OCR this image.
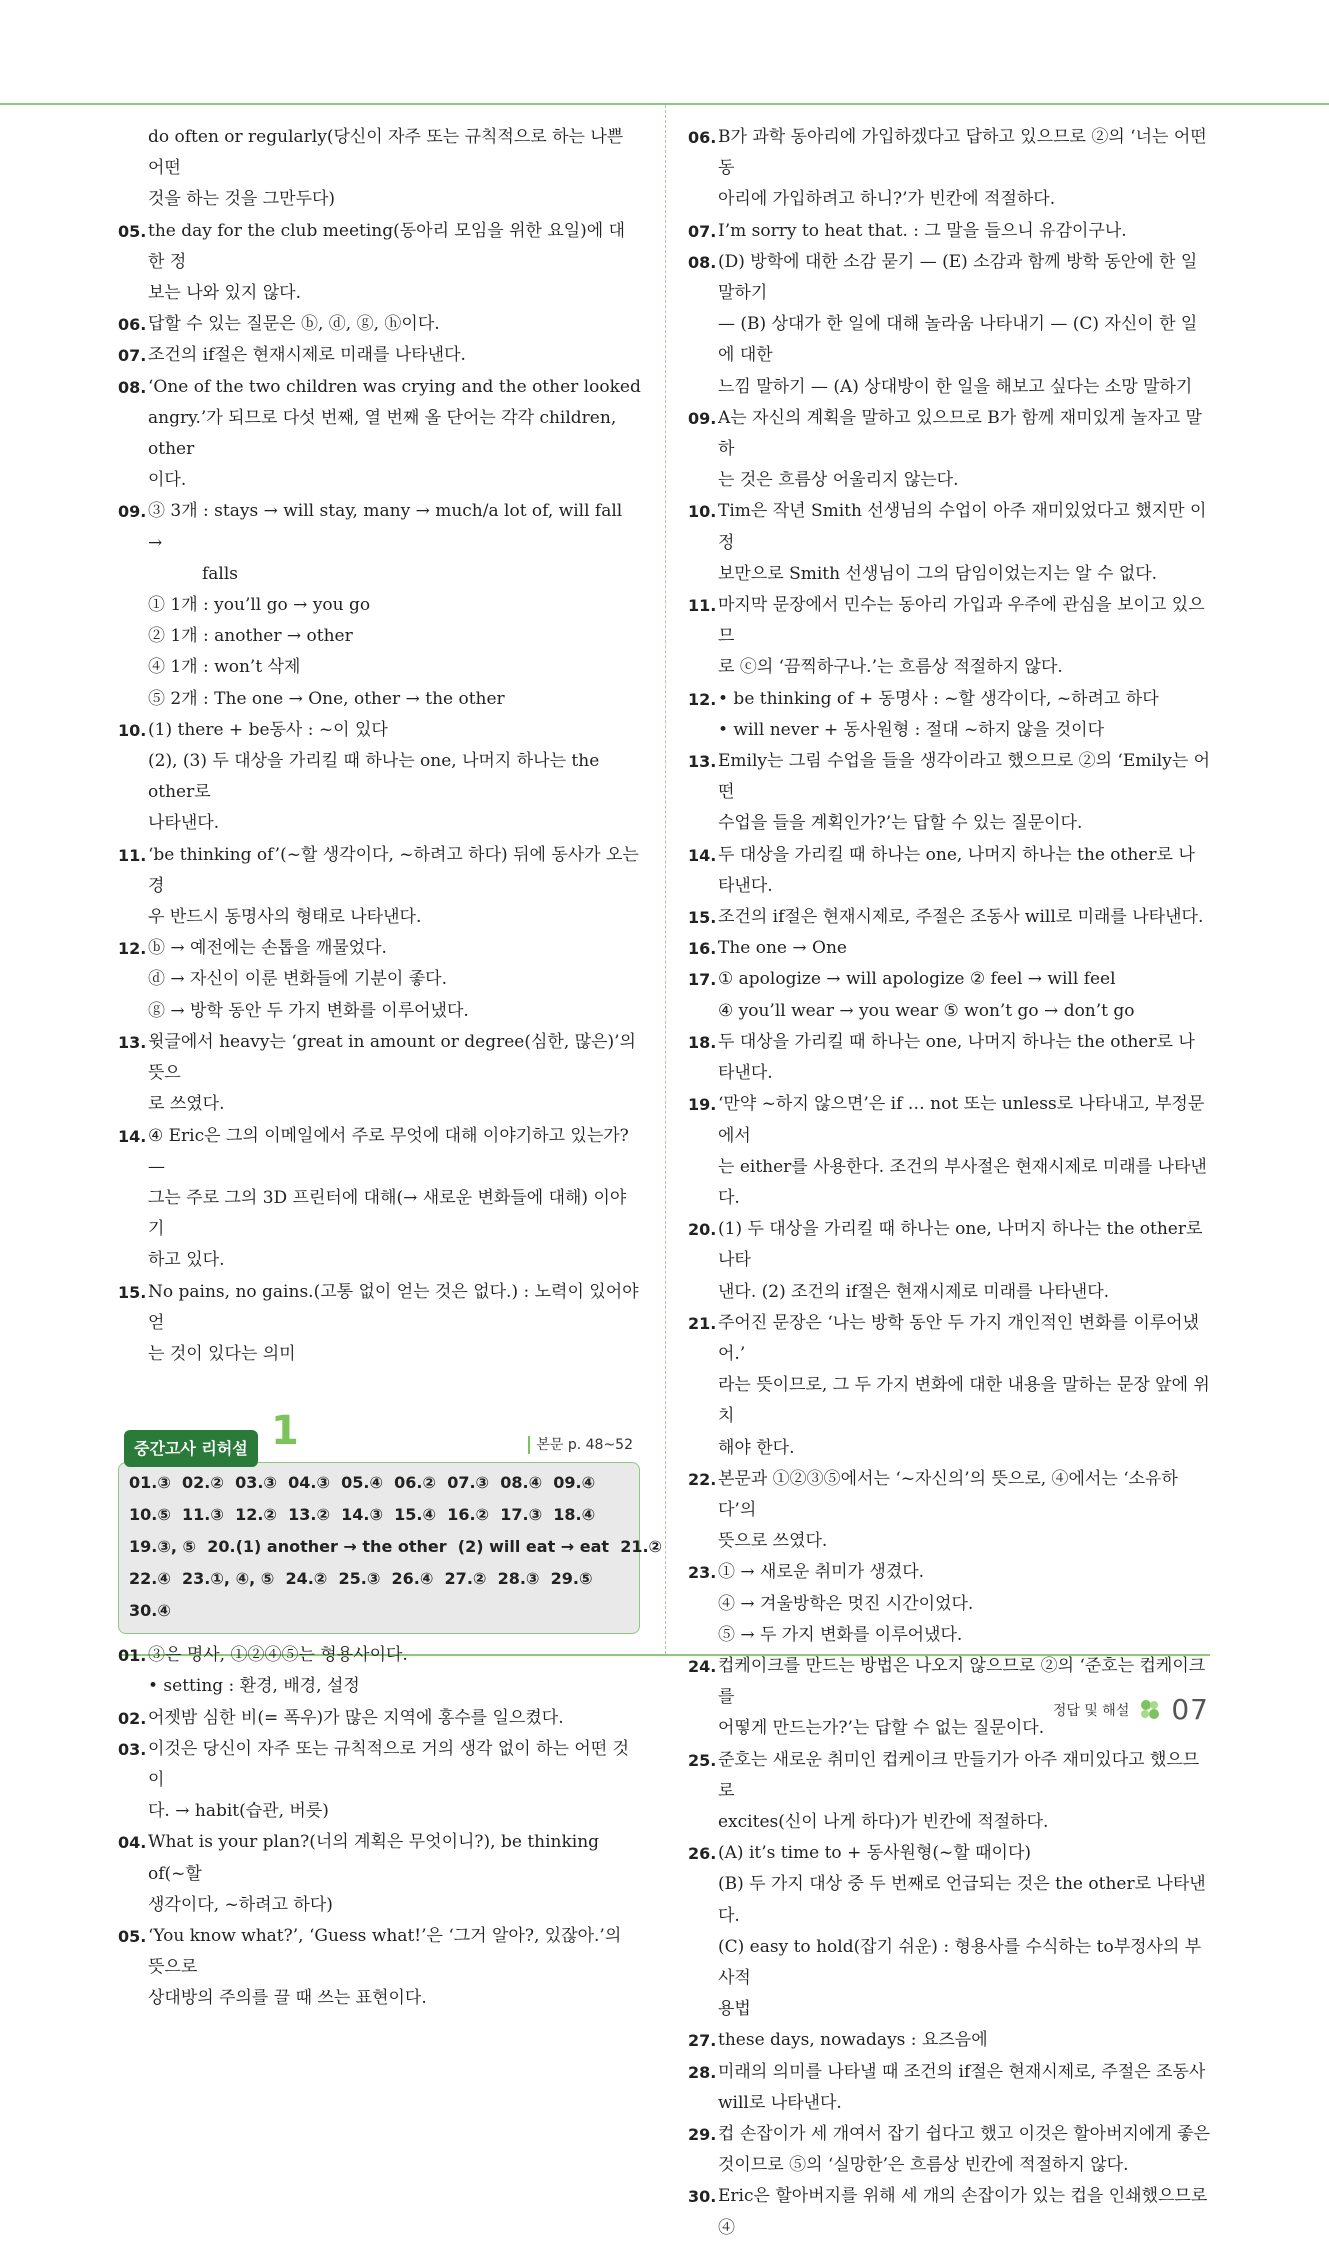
do often or regularly(당신이 자주 또는 규칙적으로 하는 나쁜 어떤

것을 하는 것을 그만두다)

05. the day for the club meeting(동아리 모임을 위한 요일)에 대한 정

보는 나와 있지 않다.

06. 답할 수 있는 질문은 ⓑ, ⓓ, ⓖ, ⓗ이다.

07. 조건의 if절은 현재시제로 미래를 나타낸다.

08. ‘One of the two children was crying and the other looked

angry.’가 되므로 다섯 번째, 열 번째 올 단어는 각각 children, other

이다.

09. ③ 3개 : stays → will stay, many → much/a lot of, will fall →

falls

① 1개 : you’ll go → you go

② 1개 : another → other

④ 1개 : won’t 삭제

⑤ 2개 : The one → One, other → the other

10. (1) there + be동사 : ~이 있다

(2), (3) 두 대상을 가리킬 때 하나는 one, 나머지 하나는 the other로

나타낸다.

11. ‘be thinking of’(~할 생각이다, ~하려고 하다) 뒤에 동사가 오는 경

우 반드시 동명사의 형태로 나타낸다.

12. ⓑ → 예전에는 손톱을 깨물었다.

ⓓ → 자신이 이룬 변화들에 기분이 좋다.

ⓖ → 방학 동안 두 가지 변화를 이루어냈다.

13. 윗글에서 heavy는 ‘great in amount or degree(심한, 많은)’의 뜻으

로 쓰였다.

14. ④ Eric은 그의 이메일에서 주로 무엇에 대해 이야기하고 있는가?—

그는 주로 그의 3D 프린터에 대해(→ 새로운 변화들에 대해) 이야기

하고 있다.

15. No pains, no gains.(고통 없이 얻는 것은 없다.) : 노력이 있어야 얻

는 것이 있다는 의미

중간고사 리허설 1	본문 p. 48~52
01.③  02.②  03.③  04.③  05.④  06.②  07.③  08.④  09.④
10.⑤  11.③  12.②  13.②  14.③  15.④  16.②  17.③  18.④
19.③, ⑤  20.(1) another → the other  (2) will eat → eat  21.②
22.④  23.①, ④, ⑤  24.②  25.③  26.④  27.②  28.③  29.⑤
30.④
01. ③은 명사, ①②④⑤는 형용사이다.

• setting : 환경, 배경, 설정

02. 어젯밤 심한 비(= 폭우)가 많은 지역에 홍수를 일으켰다.

03. 이것은 당신이 자주 또는 규칙적으로 거의 생각 없이 하는 어떤 것이

다. → habit(습관, 버릇)

04. What is your plan?(너의 계획은 무엇이니?), be thinking of(~할

생각이다, ~하려고 하다)

05. ‘You know what?’, ‘Guess what!’은 ‘그거 알아?, 있잖아.’의 뜻으로

상대방의 주의를 끌 때 쓰는 표현이다.

06. B가 과학 동아리에 가입하겠다고 답하고 있으므로 ②의 ‘너는 어떤 동

아리에 가입하려고 하니?’가 빈칸에 적절하다.

07. I’m sorry to heat that. : 그 말을 들으니 유감이구나.

08. (D) 방학에 대한 소감 묻기 — (E) 소감과 함께 방학 동안에 한 일 말하기

— (B) 상대가 한 일에 대해 놀라움 나타내기 — (C) 자신이 한 일에 대한

느낌 말하기 — (A) 상대방이 한 일을 해보고 싶다는 소망 말하기

09. A는 자신의 계획을 말하고 있으므로 B가 함께 재미있게 놀자고 말하

는 것은 흐름상 어울리지 않는다.

10. Tim은 작년 Smith 선생님의 수업이 아주 재미있었다고 했지만 이 정

보만으로 Smith 선생님이 그의 담임이었는지는 알 수 없다.

11. 마지막 문장에서 민수는 동아리 가입과 우주에 관심을 보이고 있으므

로 ⓒ의 ‘끔찍하구나.’는 흐름상 적절하지 않다.

12. • be thinking of + 동명사 : ~할 생각이다, ~하려고 하다

• will never + 동사원형 : 절대 ~하지 않을 것이다

13. Emily는 그림 수업을 들을 생각이라고 했으므로 ②의 ‘Emily는 어떤

수업을 들을 계획인가?’는 답할 수 있는 질문이다.

14. 두 대상을 가리킬 때 하나는 one, 나머지 하나는 the other로 나타낸다.

15. 조건의 if절은 현재시제로, 주절은 조동사 will로 미래를 나타낸다.

16. The one → One

17. ① apologize → will apologize ② feel → will feel

④ you’ll wear → you wear ⑤ won’t go → don’t go

18. 두 대상을 가리킬 때 하나는 one, 나머지 하나는 the other로 나타낸다.

19. ‘만약 ~하지 않으면’은 if … not 또는 unless로 나타내고, 부정문에서

는 either를 사용한다. 조건의 부사절은 현재시제로 미래를 나타낸다.

20. (1) 두 대상을 가리킬 때 하나는 one, 나머지 하나는 the other로 나타

낸다. (2) 조건의 if절은 현재시제로 미래를 나타낸다.

21. 주어진 문장은 ‘나는 방학 동안 두 가지 개인적인 변화를 이루어냈어.’

라는 뜻이므로, 그 두 가지 변화에 대한 내용을 말하는 문장 앞에 위치

해야 한다.

22. 본문과 ①②③⑤에서는 ‘~자신의’의 뜻으로, ④에서는 ‘소유하다’의

뜻으로 쓰였다.

23. ① → 새로운 취미가 생겼다.

④ → 겨울방학은 멋진 시간이었다.

⑤ → 두 가지 변화를 이루어냈다.

24. 컵케이크를 만드는 방법은 나오지 않으므로 ②의 ‘준호는 컵케이크를

어떻게 만드는가?’는 답할 수 없는 질문이다.

25. 준호는 새로운 취미인 컵케이크 만들기가 아주 재미있다고 했으므로

excites(신이 나게 하다)가 빈칸에 적절하다.

26. (A) it’s time to + 동사원형(~할 때이다)

(B) 두 가지 대상 중 두 번째로 언급되는 것은 the other로 나타낸다.

(C) easy to hold(잡기 쉬운) : 형용사를 수식하는 to부정사의 부사적

용법

27. these days, nowadays : 요즈음에

28. 미래의 의미를 나타낼 때 조건의 if절은 현재시제로, 주절은 조동사

will로 나타낸다.

29. 컵 손잡이가 세 개여서 잡기 쉽다고 했고 이것은 할아버지에게 좋은

것이므로 ⑤의 ‘실망한’은 흐름상 빈칸에 적절하지 않다.

30. Eric은 할아버지를 위해 세 개의 손잡이가 있는 컵을 인쇄했으므로 ④

정답 및 해설 07
